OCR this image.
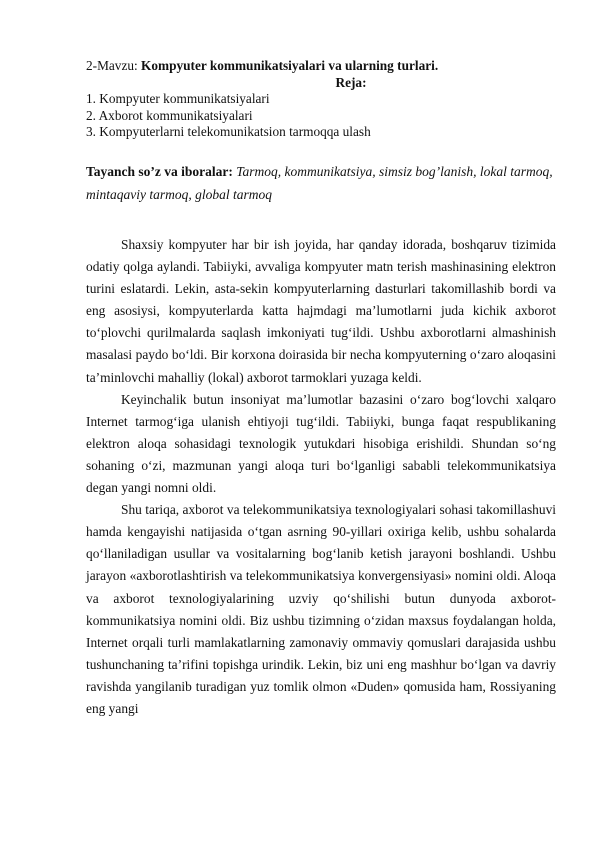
2-Mavzu: Kompyuter kommunikatsiyalari va ularning turlari.
Reja:
1. Kompyuter kommunikatsiyalari
2. Axborot kommunikatsiyalari
3. Kompyuterlarni telekomunikatsion tarmoqqa ulash
Tayanch so’z va iboralar: Tarmoq, kommunikatsiya, simsiz bog’lanish, lokal tarmoq, mintaqaviy tarmoq, global tarmoq

Shaxsiy kompyuter har bir ish joyida, har qanday idorada, boshqaruv tizimida odatiy qolga aylandi. Tabiiyki, avvaliga kompyuter matn terish mashinasining elektron turini eslatardi. Lekin, asta-sekin kompyuterlarning dasturlari takomillashib bordi va eng asosiysi, kompyuterlarda katta hajmdagi ma’lumotlarni juda kichik axborot to‘plovchi qurilmalarda saqlash imkoniyati tug‘ildi. Ushbu axborotlarni almashinish masalasi paydo bo‘ldi. Bir korxona doirasida bir necha kompyuterning o‘zaro aloqasini ta’minlovchi mahalliy (lokal) axborot tarmoklari yuzaga keldi.

Keyinchalik butun insoniyat ma’lumotlar bazasini o‘zaro bog‘lovchi xalqaro Internet tarmog‘iga ulanish ehtiyoji tug‘ildi. Tabiiyki, bunga faqat respublikaning elektron aloqa sohasidagi texnologik yutukdari hisobiga erishildi. Shundan so‘ng sohaning o‘zi, mazmunan yangi aloqa turi bo‘lganligi sababli telekommunikatsiya degan yangi nomni oldi.

Shu tariqa, axborot va telekommunikatsiya texnologiyalari sohasi takomillashuvi hamda kengayishi natijasida o‘tgan asrning 90-yillari oxiriga kelib, ushbu sohalarda qo‘llaniladigan usullar va vositalarning bog‘lanib ketish jarayoni boshlandi. Ushbu jarayon «axborotlashtirish va telekommunikatsiya konvergensiyasi» nomini oldi. Aloqa va axborot texnologiyalarining uzviy qo‘shilishi butun dunyoda axborot-kommunikatsiya nomini oldi. Biz ushbu tizimning o‘zidan maxsus foydalangan holda, Internet orqali turli mamlakatlarning zamonaviy ommaviy qomuslari darajasida ushbu tushunchaning ta’rifini topishga urindik. Lekin, biz uni eng mashhur bo‘lgan va davriy ravishda yangilanib turadigan yuz tomlik olmon «Duden» qomusida ham, Rossiyaning eng yangi
